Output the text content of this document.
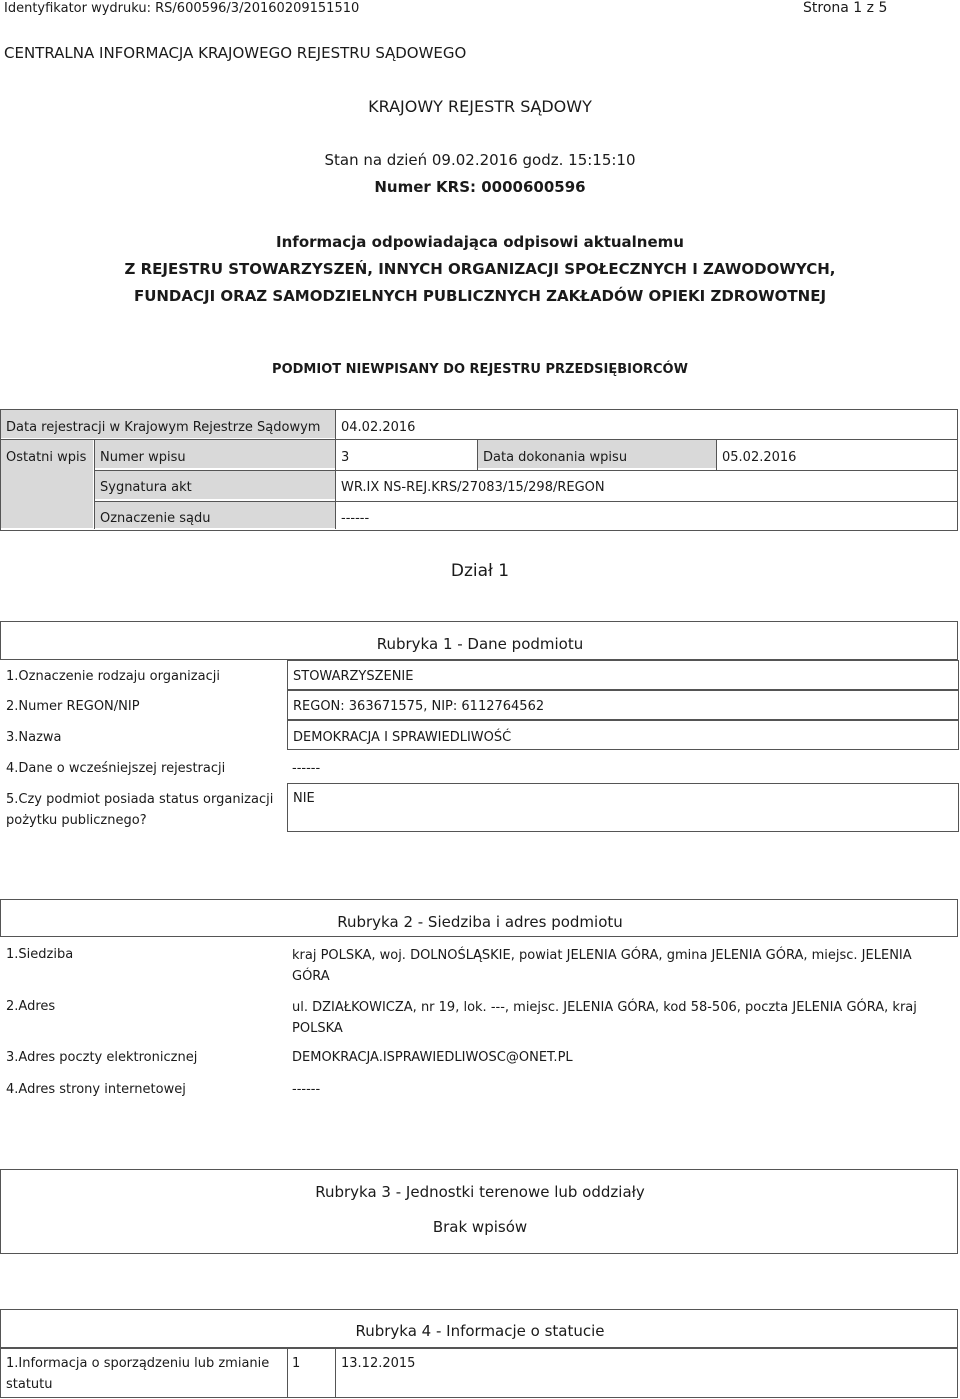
Identyfikator wydruku: RS/600596/3/20160209151510	Strona 1 z 5
CENTRALNA INFORMACJA KRAJOWEGO REJESTRU SĄDOWEGO
KRAJOWY REJESTR SĄDOWY
Stan na dzień 09.02.2016 godz. 15:15:10
Numer KRS: 0000600596
Informacja odpowiadająca odpisowi aktualnemu
Z REJESTRU STOWARZYSZEŃ, INNYCH ORGANIZACJI SPOŁECZNYCH I ZAWODOWYCH,
FUNDACJI ORAZ SAMODZIELNYCH PUBLICZNYCH ZAKŁADÓW OPIEKI ZDROWOTNEJ
PODMIOT NIEWPISANY DO REJESTRU PRZEDSIĘBIORCÓW
Data rejestracji w Krajowym Rejestrze Sądowym 04.02.2016
Ostatni wpis Numer wpisu	3	Data dokonania wpisu	05.02.2016
Sygnatura akt	WR.IX NS-REJ.KRS/27083/15/298/REGON
Oznaczenie sądu	------
Dział 1
Rubryka 1 - Dane podmiotu
1.Oznaczenie rodzaju organizacji	STOWARZYSZENIE
2.Numer REGON/NIP	REGON: 363671575, NIP: 6112764562
3.Nazwa	DEMOKRACJA I SPRAWIEDLIWOŚĆ
4.Dane o wcześniejszej rejestracji	------
5.Czy podmiot posiada status organizacji pożytku publicznego?
NIE
Rubryka 2 - Siedziba i adres podmiotu
1.Siedziba	kraj POLSKA, woj. DOLNOŚLĄSKIE, powiat JELENIA GÓRA, gmina JELENIA GÓRA, miejsc. JELENIA GÓRA
2.Adres	ul. DZIAŁKOWICZA, nr 19, lok. ---, miejsc. JELENIA GÓRA, kod 58-506, poczta JELENIA GÓRA, kraj POLSKA
3.Adres poczty elektronicznej	DEMOKRACJA.ISPRAWIEDLIWOSC@ONET.PL
4.Adres strony internetowej	------
Rubryka 3 - Jednostki terenowe lub oddziały
Brak wpisów
Rubryka 4 - Informacje o statucie
1.Informacja o sporządzeniu lub zmianie statutu
1	13.12.2015
